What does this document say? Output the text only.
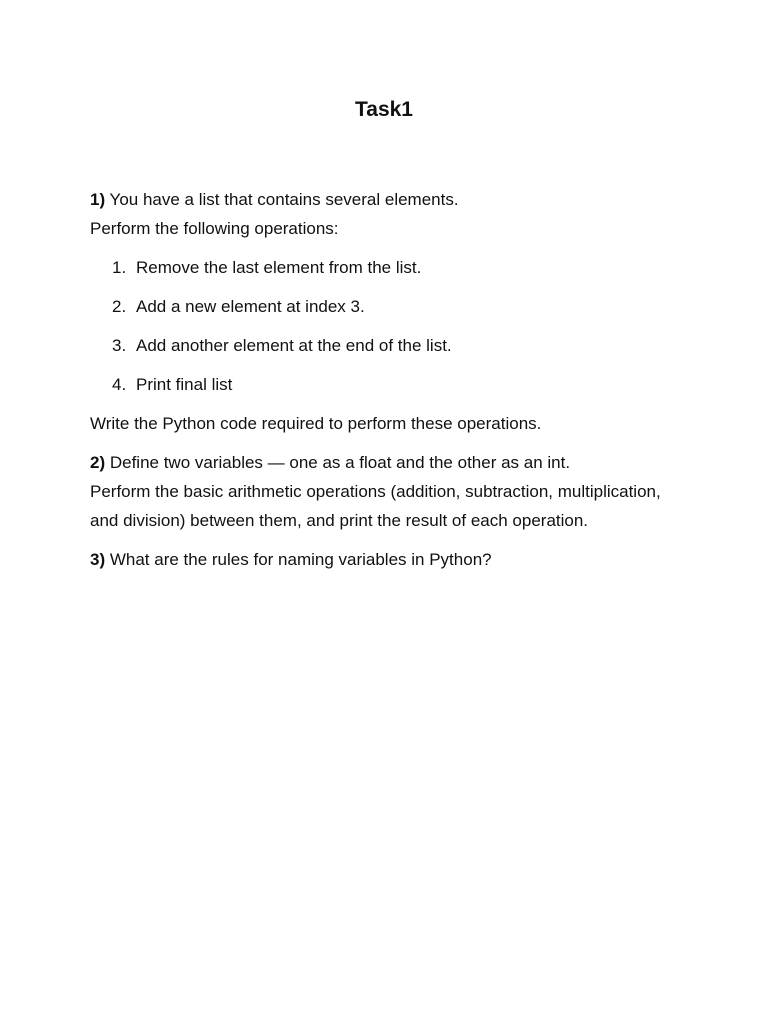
Task1
1) You have a list that contains several elements.
Perform the following operations:
1. Remove the last element from the list.
2. Add a new element at index 3.
3. Add another element at the end of the list.
4. Print final list
Write the Python code required to perform these operations.
2) Define two variables — one as a float and the other as an int.
Perform the basic arithmetic operations (addition, subtraction, multiplication, and division) between them, and print the result of each operation.
3) What are the rules for naming variables in Python?
